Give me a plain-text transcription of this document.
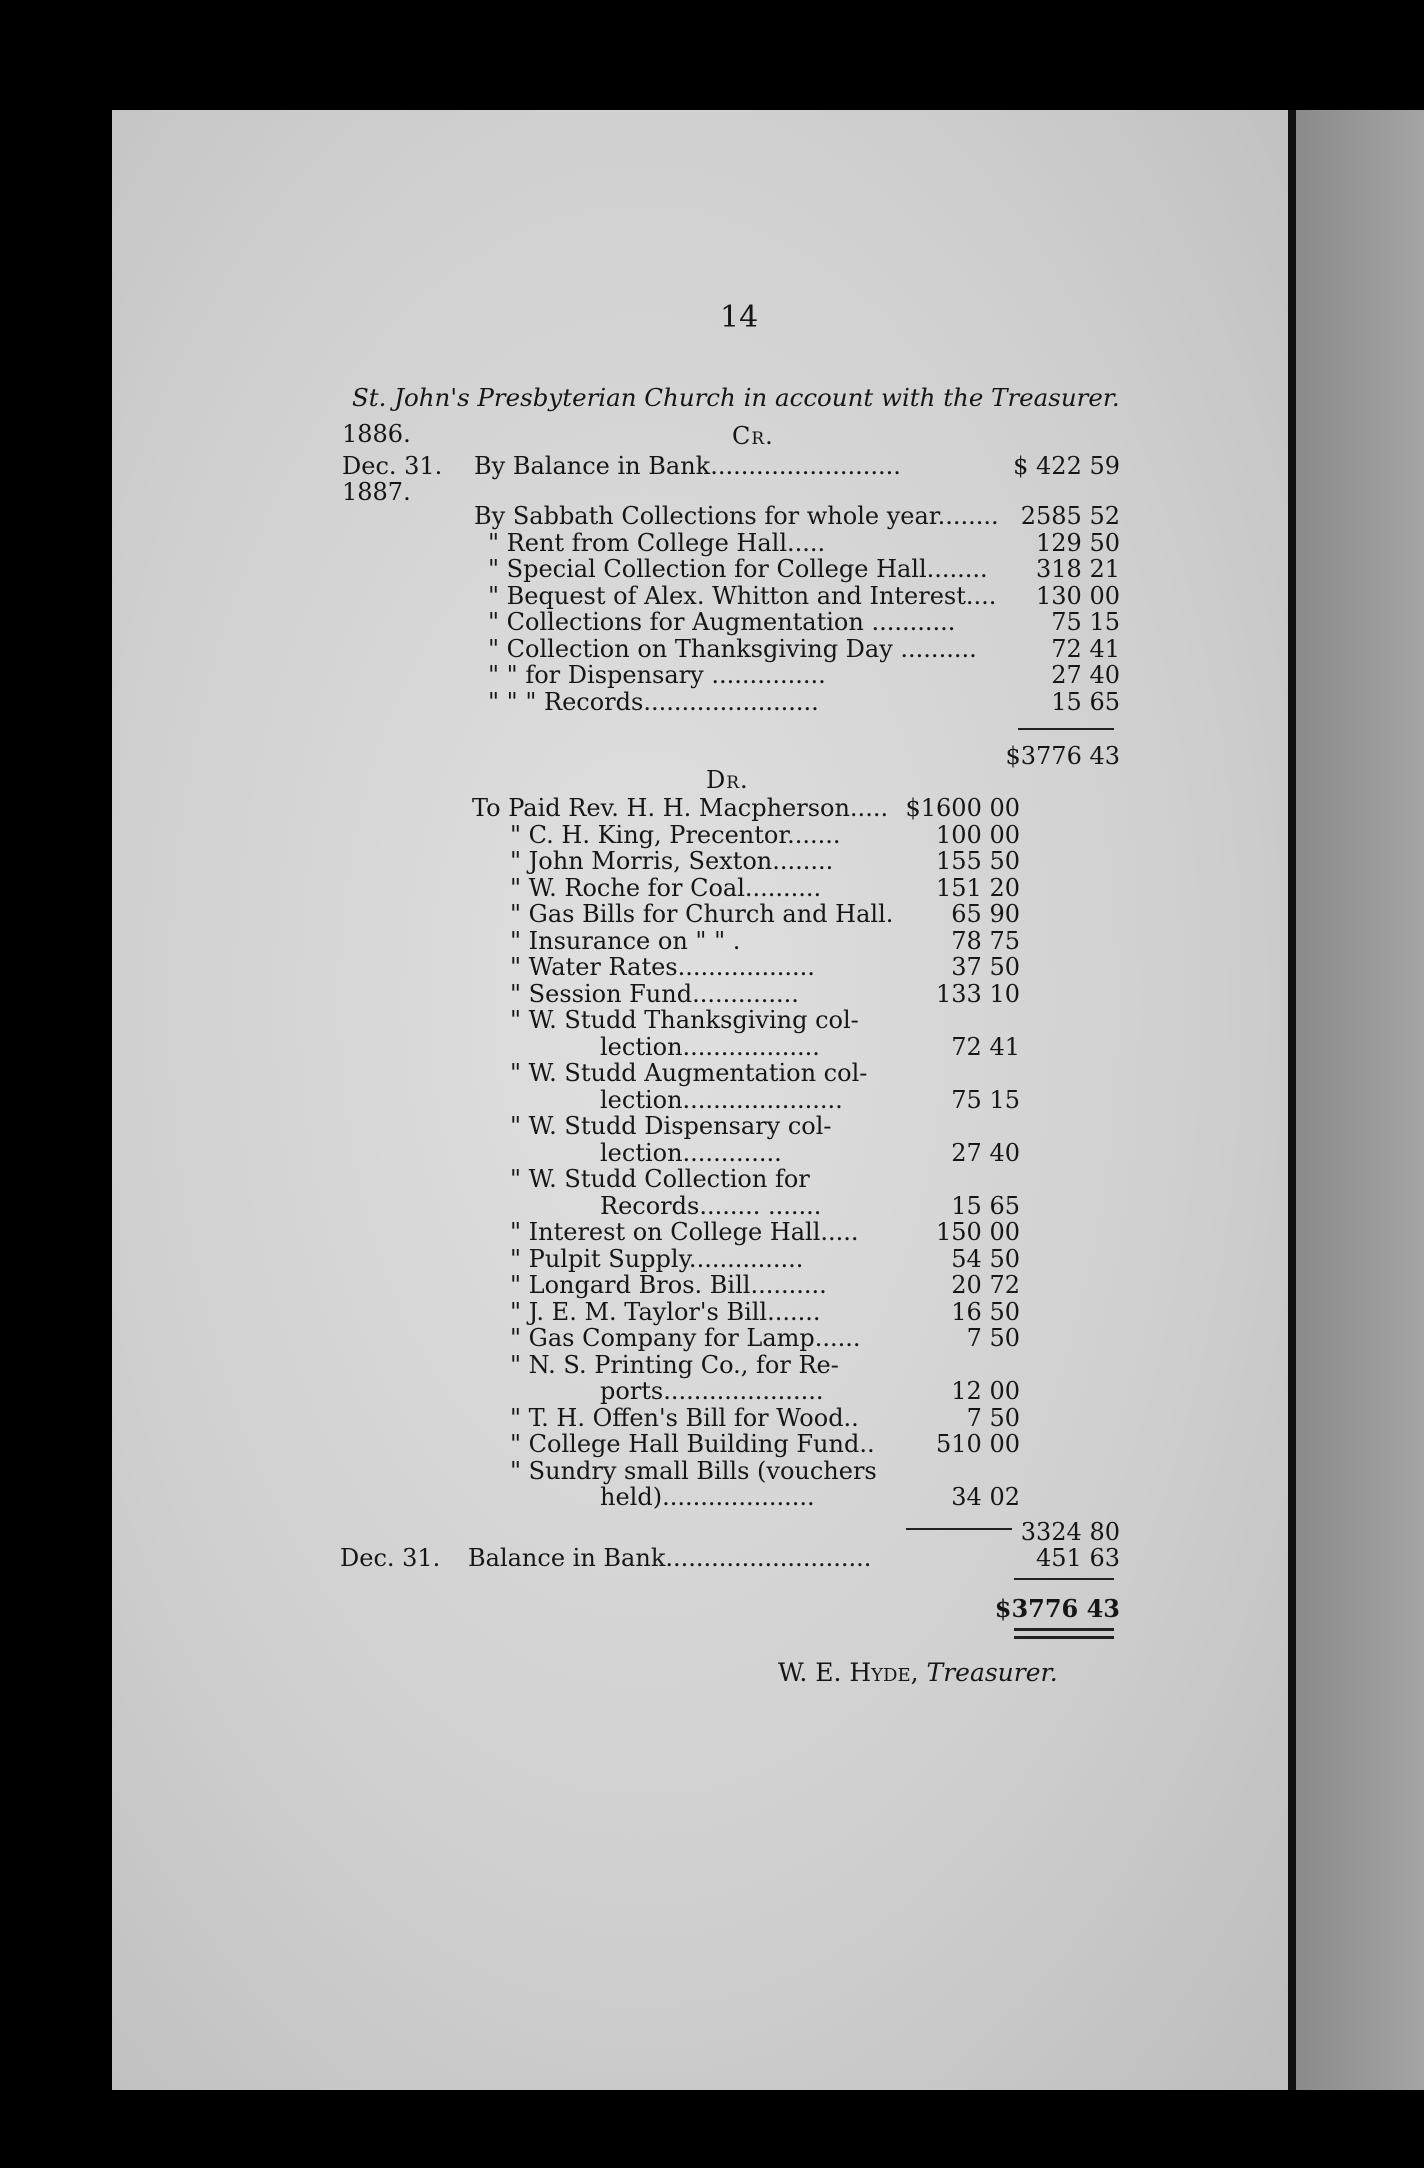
14
St. John's Presbyterian Church in account with the Treasurer.
1886.	Cr.
Dec. 31. By Balance in Bank.........................	$ 422 59
1887.
By Sabbath Collections for whole year........ 2585 52
" Rent from College Hall.....	129 50
" Special Collection for College Hall........	318 21
" Bequest of Alex. Whitton and Interest....	130 00
" Collections for Augmentation ...........	75 15
" Collection on Thanksgiving Day ..........	72 41
" " for Dispensary ...............	27 40
" " " Records.......................	15 65
$3776 43
Dr.
To Paid Rev. H. H. Macpherson..... $1600 00
" C. H. King, Precentor.......	100 00
" John Morris, Sexton........	155 50
" W. Roche for Coal..........	151 20
" Gas Bills for Church and Hall.	65 90
" Insurance on " " .	78 75
" Water Rates..................	37 50
" Session Fund..............	133 10
" W. Studd Thanksgiving col-
lection..................	72 41
" W. Studd Augmentation col-
lection.....................	75 15
" W. Studd Dispensary col-
lection.............	27 40
" W. Studd Collection for
Records........ .......	15 65
" Interest on College Hall.....	150 00
" Pulpit Supply...............	54 50
" Longard Bros. Bill..........	20 72
" J. E. M. Taylor's Bill.......	16 50
" Gas Company for Lamp......	7 50
" N. S. Printing Co., for Re-
ports.....................	12 00
" T. H. Offen's Bill for Wood..	7 50
" College Hall Building Fund..	510 00
" Sundry small Bills (vouchers
held)....................	34 02
3324 80
Dec. 31. Balance in Bank...........................	451 63
$3776 43
W. E. Hyde, Treasurer.
